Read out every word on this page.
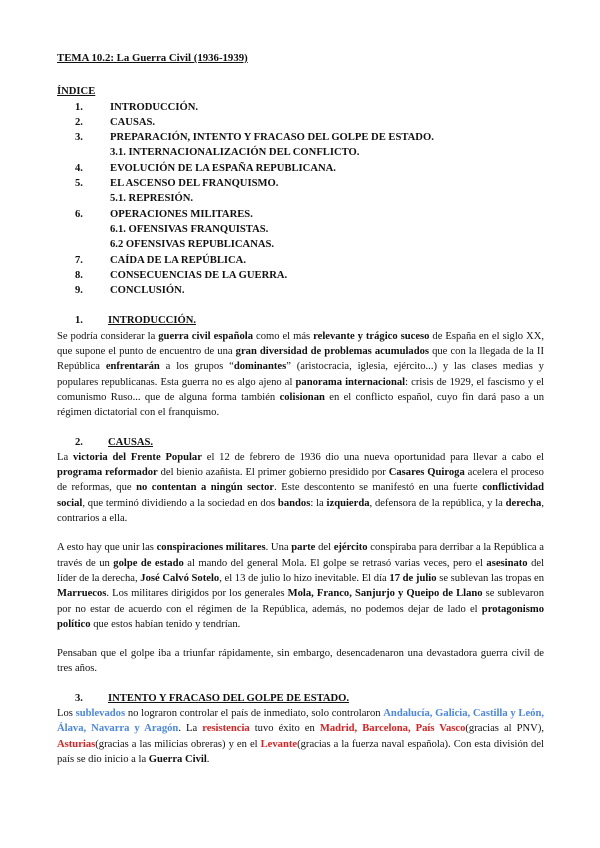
TEMA 10.2: La Guerra Civil (1936-1939)
ÍNDICE
1.	INTRODUCCIÓN.
2.	CAUSAS.
3.	PREPARACIÓN, INTENTO Y FRACASO DEL GOLPE DE ESTADO.
3.1. INTERNACIONALIZACIÓN DEL CONFLICTO.
4.	EVOLUCIÓN DE LA ESPAÑA REPUBLICANA.
5.	EL ASCENSO DEL FRANQUISMO.
5.1. REPRESIÓN.
6.	OPERACIONES MILITARES.
6.1. OFENSIVAS FRANQUISTAS.
6.2 OFENSIVAS REPUBLICANAS.
7.	CAÍDA DE LA REPÚBLICA.
8.	CONSECUENCIAS DE LA GUERRA.
9.	CONCLUSIÓN.
1.	INTRODUCCIÓN.

Se podría considerar la guerra civil española como el más relevante y trágico suceso de España en el siglo XX, que supone el punto de encuentro de una gran diversidad de problemas acumulados que con la llegada de la II República enfrentarán a los grupos “dominantes” (aristocracia, iglesia, ejército...) y las clases medias y populares republicanas. Esta guerra no es algo ajeno al panorama internacional: crisis de 1929, el fascismo y el comunismo Ruso... que de alguna forma también colisionan en el conflicto español, cuyo fin dará paso a un régimen dictatorial con el franquismo.

2.	CAUSAS.

La victoria del Frente Popular el 12 de febrero de 1936 dio una nueva oportunidad para llevar a cabo el programa reformador del bienio azañista. El primer gobierno presidido por Casares Quiroga acelera el proceso de reformas, que no contentan a ningún sector. Este descontento se manifestó en una fuerte conflictividad social, que terminó dividiendo a la sociedad en dos bandos: la izquierda, defensora de la república, y la derecha, contrarios a ella.

A esto hay que unir las conspiraciones militares. Una parte del ejército conspiraba para derribar a la República a través de un golpe de estado al mando del general Mola. El golpe se retrasó varias veces, pero el asesinato del líder de la derecha, José Calvó Sotelo, el 13 de julio lo hizo inevitable. El día 17 de julio se sublevan las tropas en Marruecos. Los militares dirigidos por los generales Mola, Franco, Sanjurjo y Queipo de Llano se sublevaron por no estar de acuerdo con el régimen de la República, además, no podemos dejar de lado el protagonismo político que estos habían tenido y tendrían.

Pensaban que el golpe iba a triunfar rápidamente, sin embargo, desencadenaron una devastadora guerra civil de tres años.

3.	INTENTO Y FRACASO DEL GOLPE DE ESTADO.

Los sublevados no lograron controlar el país de inmediato, solo controlaron Andalucía, Galicia, Castilla y León, Álava, Navarra y Aragón. La resistencia tuvo éxito en Madrid, Barcelona, País Vasco(gracias al PNV), Asturias(gracias a las milicias obreras) y en el Levante(gracias a la fuerza naval española). Con esta división del país se dio inicio a la Guerra Civil.
